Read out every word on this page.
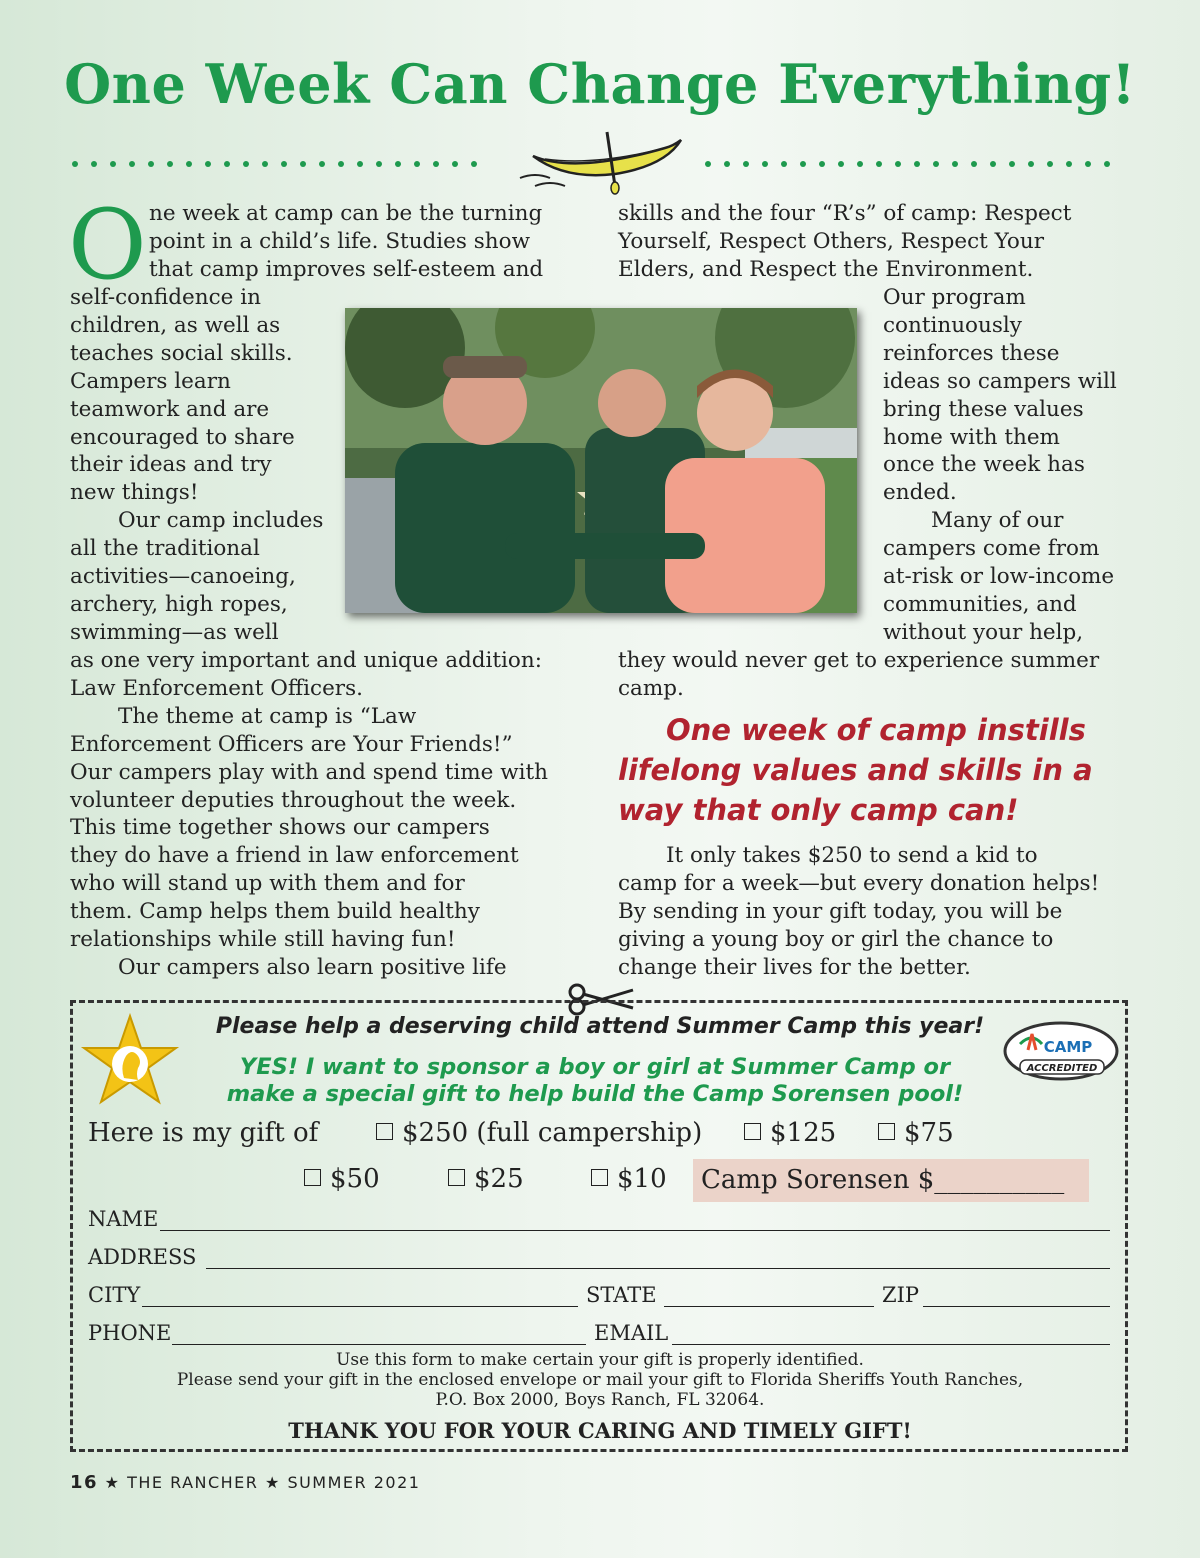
One Week Can Change Everything!
O ne week at camp can be the turning
point in a child’s life. Studies show
that camp improves self-esteem and
self-confidence in
children, as well as
teaches social skills.
Campers learn
teamwork and are
encouraged to share
their ideas and try
new things!
Our camp includes
all the traditional
activities—canoeing,
archery, high ropes,
swimming—as well
as one very important and unique addition:
Law Enforcement Officers.
The theme at camp is “Law
Enforcement Officers are Your Friends!”
Our campers play with and spend time with
volunteer deputies throughout the week.
This time together shows our campers
they do have a friend in law enforcement
who will stand up with them and for
them. Camp helps them build healthy
relationships while still having fun!
Our campers also learn positive life
skills and the four “R’s” of camp: Respect
Yourself, Respect Others, Respect Your
Elders, and Respect the Environment.
Our program
continuously
reinforces these
ideas so campers will
bring these values
home with them
once the week has
ended.
Many of our
campers come from
at-risk or low-income
communities, and
without your help,
they would never get to experience summer
camp.
One week of camp instills
lifelong values and skills in a
way that only camp can!
It only takes $250 to send a kid to
camp for a week—but every donation helps!
By sending in your gift today, you will be
giving a young boy or girl the chance to
change their lives for the better.
Please help a deserving child attend Summer Camp this year!
YES! I want to sponsor a boy or girl at Summer Camp or
make a special gift to help build the Camp Sorensen pool!
CAMP
ACCREDITED
Here is my gift of	$250 (full campership)	$125	$75
$50	$25	$10	Camp Sorensen $__________
NAME
ADDRESS
CITY	STATE	ZIP
PHONE	EMAIL
Use this form to make certain your gift is properly identified.
Please send your gift in the enclosed envelope or mail your gift to Florida Sheriffs Youth Ranches,
P.O. Box 2000, Boys Ranch, FL 32064.
THANK YOU FOR YOUR CARING AND TIMELY GIFT!
16 ★ THE RANCHER ★ SUMMER 2021
